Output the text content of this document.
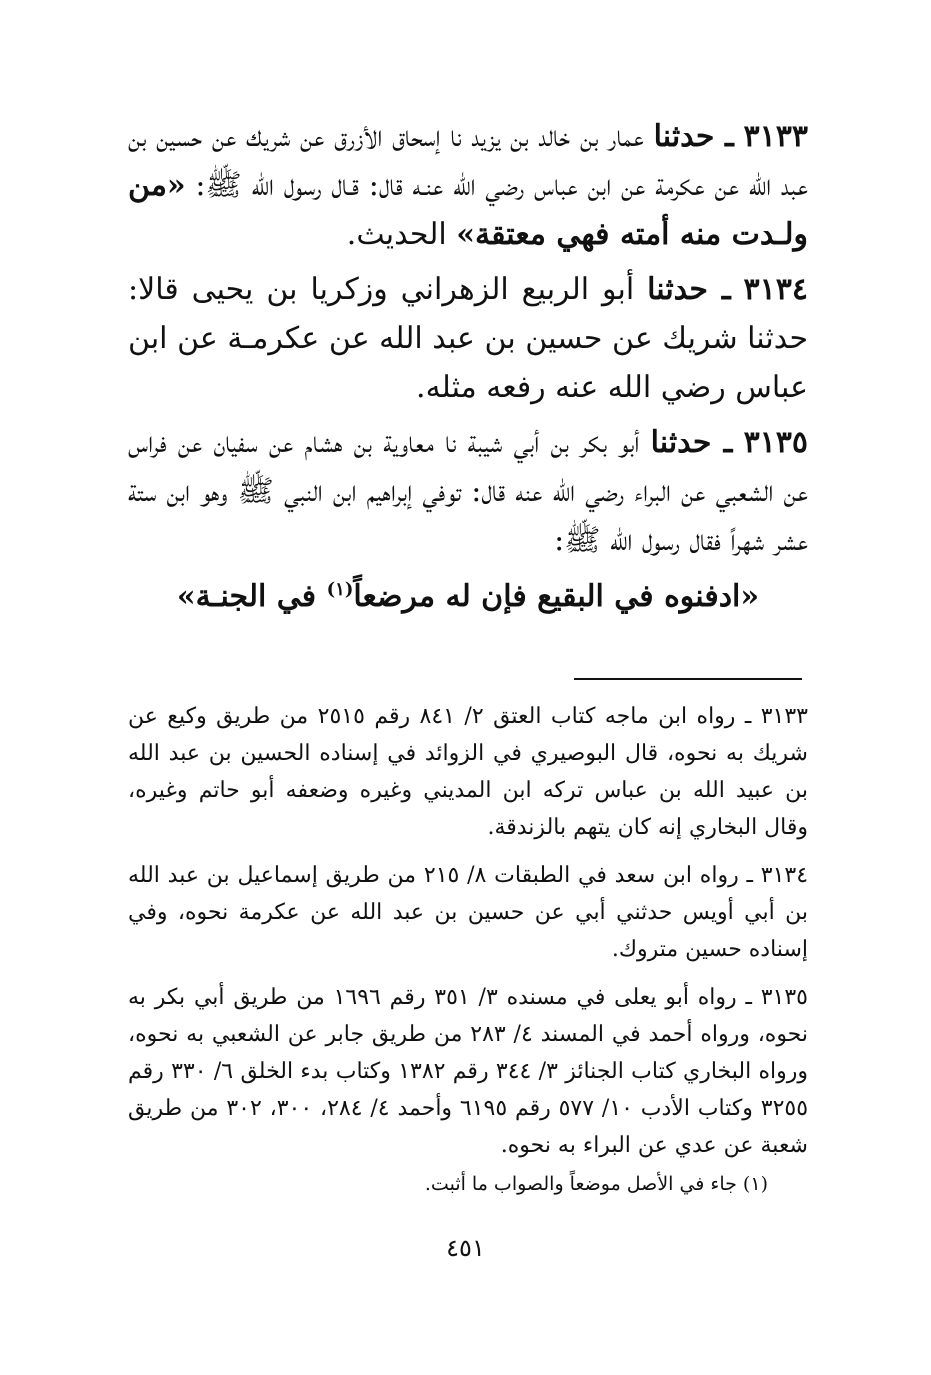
٣١٣٣ ـ حدثنا عمار بن خالد بن يزيد نا إسحاق الأزرق عن شريك عن حسين بن عبد الله عن عكرمة عن ابن عباس رضي الله عنـه قال: قـال رسول الله ﷺ: «من ولـدت منه أمته فهي معتقة» الحديث.

٣١٣٤ ـ حدثنا أبو الربيع الزهراني وزكريا بن يحيى قالا: حدثنا شريك عن حسين بن عبد الله عن عكرمـة عن ابن عباس رضي الله عنه رفعه مثله.

٣١٣٥ ـ حدثنا أبو بكر بن أبي شيبة نا معاوية بن هشام عن سفيان عن فراس عن الشعبي عن البراء رضي الله عنه قال: توفي إبراهيم ابن النبي ﷺ وهو ابن ستة عشر شهراً فقال رسول الله ﷺ:
«ادفنوه في البقيع فإن له مرضعاً$^{(١)}$ في الجنـة»

٣١٣٣ ـ رواه ابن ماجه كتاب العتق ٢/ ٨٤١ رقم ٢٥١٥ من طريق وكيع عن شريك به نحوه، قال البوصيري في الزوائد في إسناده الحسين بن عبد الله بن عبيد الله بن عباس تركه ابن المديني وغيره وضعفه أبو حاتم وغيره، وقال البخاري إنه كان يتهم بالزندقة.

٣١٣٤ ـ رواه ابن سعد في الطبقات ٨/ ٢١٥ من طريق إسماعيل بن عبد الله بن أبي أويس حدثني أبي عن حسين بن عبد الله عن عكرمة نحوه، وفي إسناده حسين متروك.

٣١٣٥ ـ رواه أبو يعلى في مسنده ٣/ ٣٥١ رقم ١٦٩٦ من طريق أبي بكر به نحوه، ورواه أحمد في المسند ٤/ ٢٨٣ من طريق جابر عن الشعبي به نحوه، ورواه البخاري كتاب الجنائز ٣/ ٣٤٤ رقم ١٣٨٢ وكتاب بدء الخلق ٦/ ٣٣٠ رقم ٣٢٥٥ وكتاب الأدب ١٠/ ٥٧٧ رقم ٦١٩٥ وأحمد ٤/ ٢٨٤، ٣٠٠، ٣٠٢ من طريق شعبة عن عدي عن البراء به نحوه.

(١) جاء في الأصل موضعاً والصواب ما أثبت.

٤٥١
